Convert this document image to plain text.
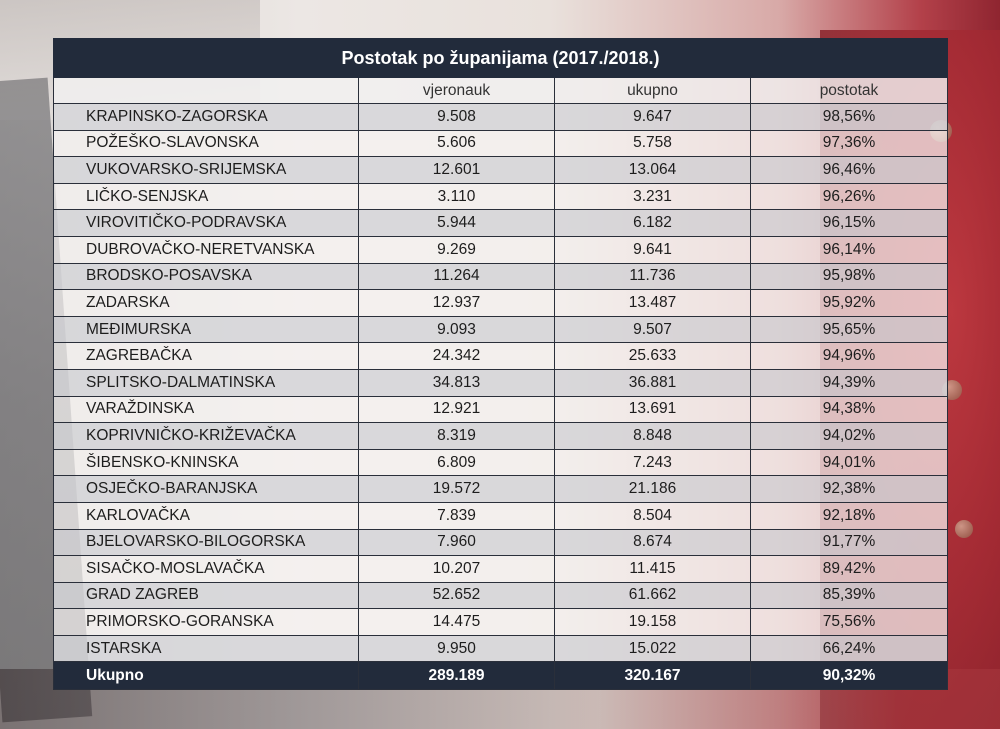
Postotak po županijama (2017./2018.)			
	vjeronauk	ukupno	postotak
KRAPINSKO-ZAGORSKA	9.508	9.647	98,56%
POŽEŠKO-SLAVONSKA	5.606	5.758	97,36%
VUKOVARSKO-SRIJEMSKA	12.601	13.064	96,46%
LIČKO-SENJSKA	3.110	3.231	96,26%
VIROVITIČKO-PODRAVSKA	5.944	6.182	96,15%
DUBROVAČKO-NERETVANSKA	9.269	9.641	96,14%
BRODSKO-POSAVSKA	11.264	11.736	95,98%
ZADARSKA	12.937	13.487	95,92%
MEĐIMURSKA	9.093	9.507	95,65%
ZAGREBAČKA	24.342	25.633	94,96%
SPLITSKO-DALMATINSKA	34.813	36.881	94,39%
VARAŽDINSKA	12.921	13.691	94,38%
KOPRIVNIČKO-KRIŽEVAČKA	8.319	8.848	94,02%
ŠIBENSKO-KNINSKA	6.809	7.243	94,01%
OSJEČKO-BARANJSKA	19.572	21.186	92,38%
KARLOVAČKA	7.839	8.504	92,18%
BJELOVARSKO-BILOGORSKA	7.960	8.674	91,77%
SISAČKO-MOSLAVAČKA	10.207	11.415	89,42%
GRAD ZAGREB	52.652	61.662	85,39%
PRIMORSKO-GORANSKA	14.475	19.158	75,56%
ISTARSKA	9.950	15.022	66,24%
Ukupno	289.189	320.167	90,32%
